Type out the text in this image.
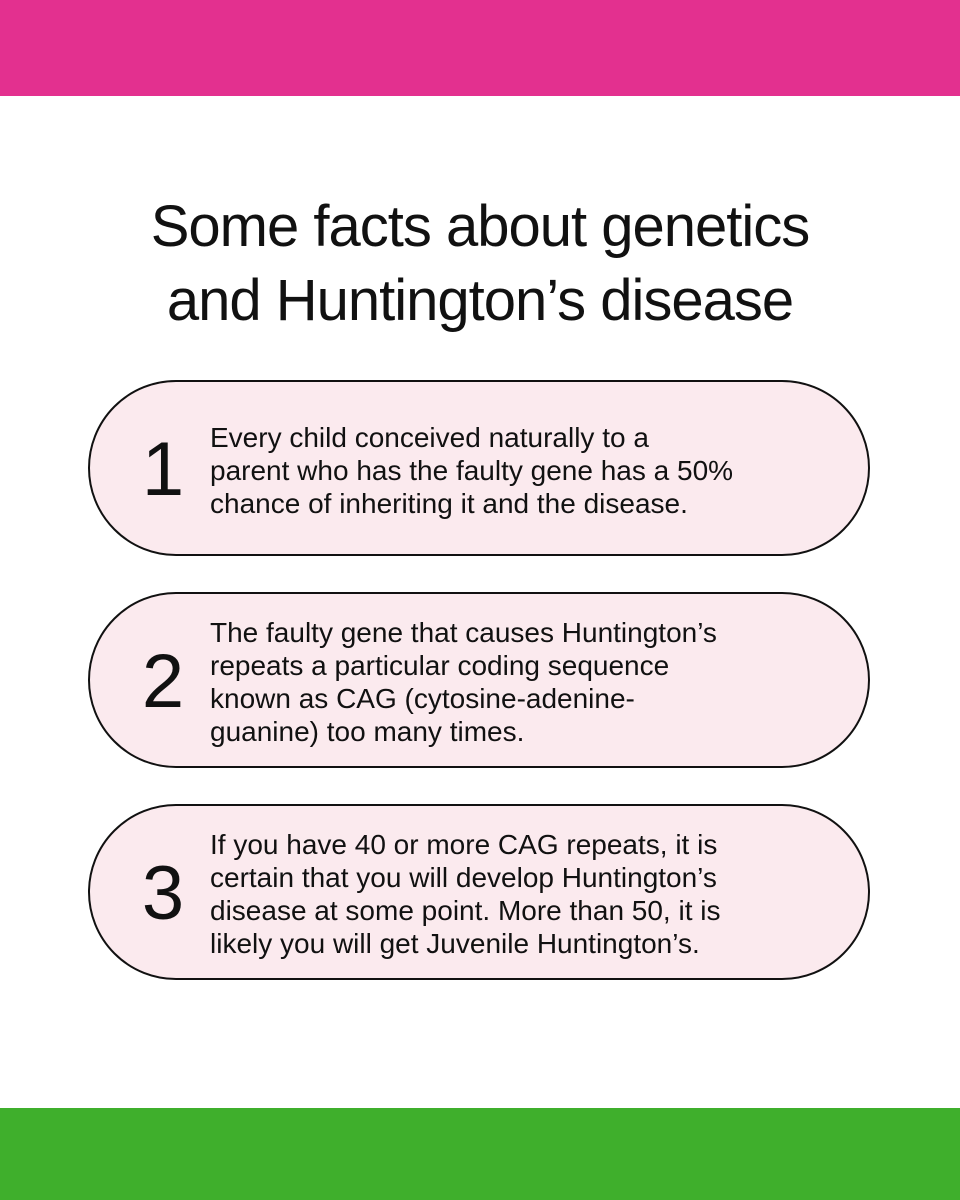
Some facts about genetics
and Huntington’s disease
1 Every child conceived naturally to a
parent who has the faulty gene has a 50%
chance of inheriting it and the disease.
2
The faulty gene that causes Huntington’s
repeats a particular coding sequence
known as CAG (cytosine-adenine-
guanine) too many times.
3
If you have 40 or more CAG repeats, it is
certain that you will develop Huntington’s
disease at some point. More than 50, it is
likely you will get Juvenile Huntington’s.
